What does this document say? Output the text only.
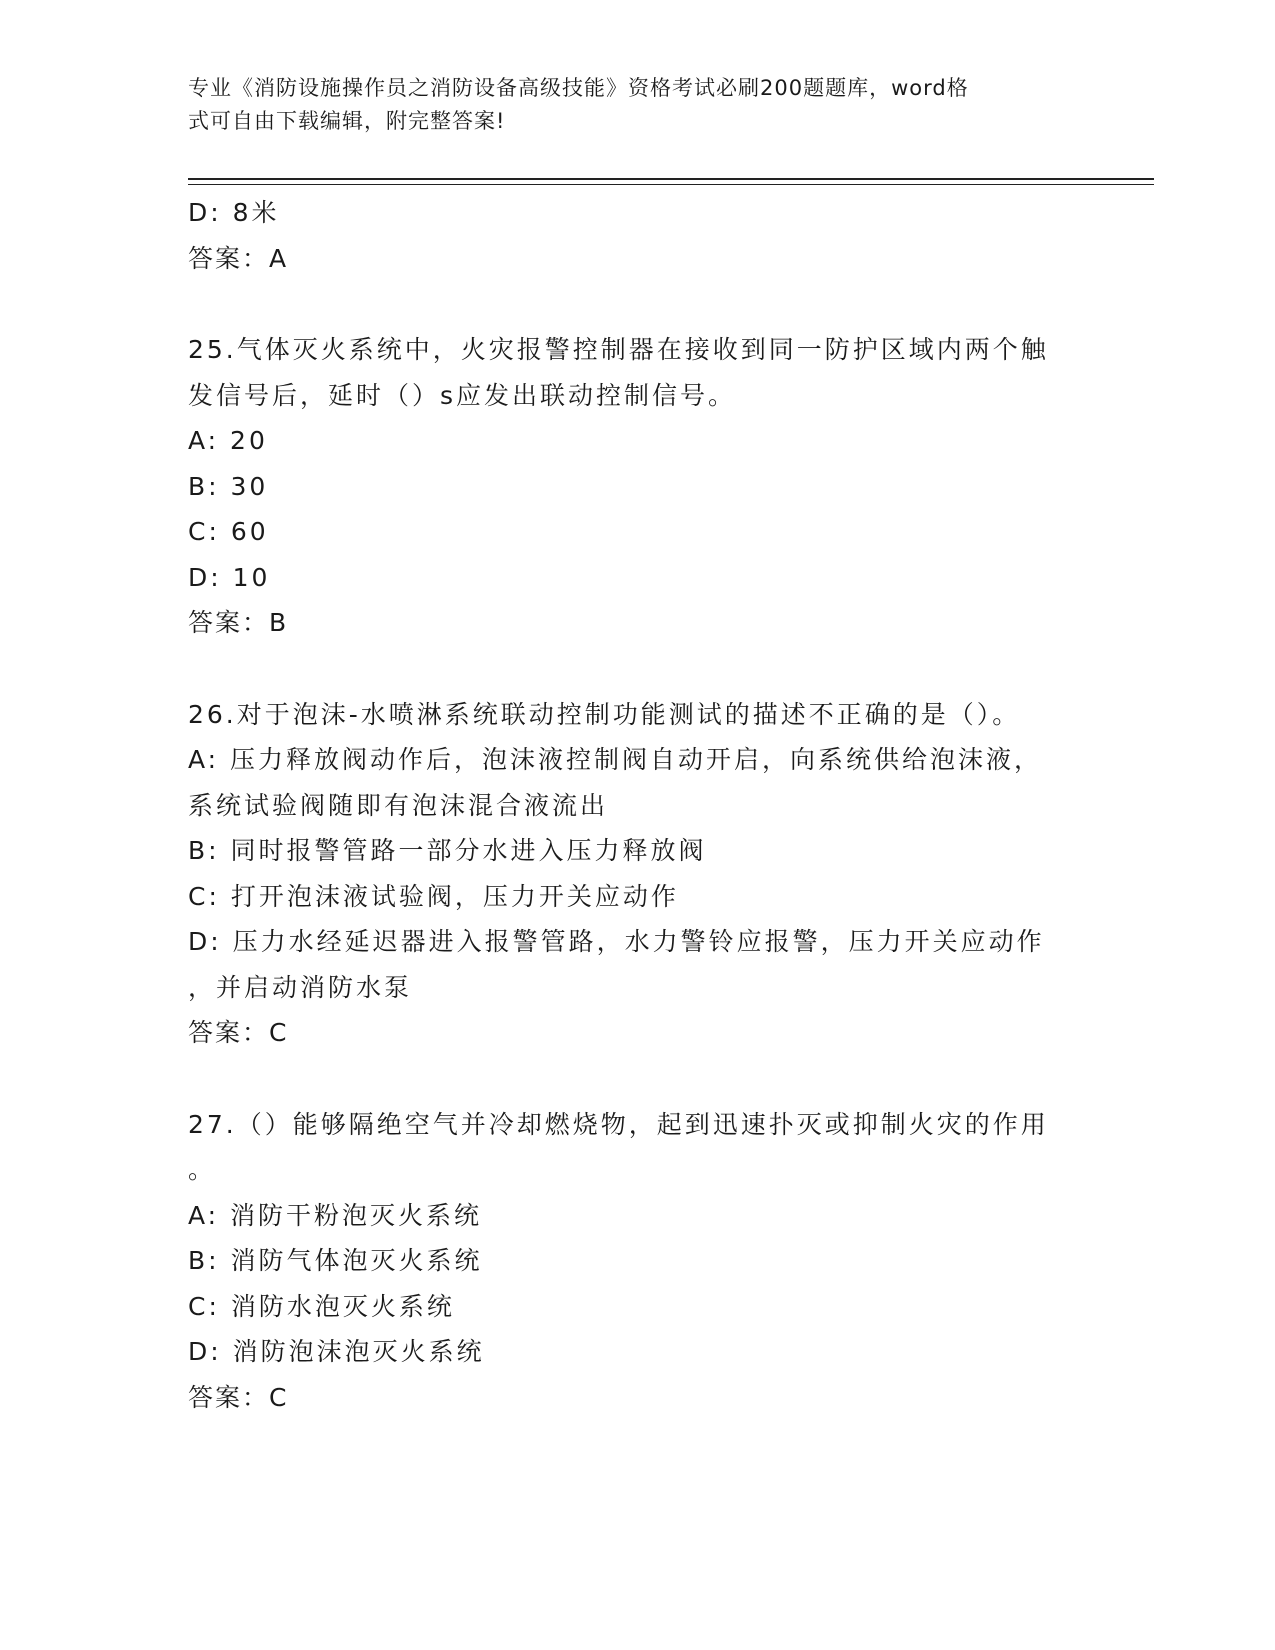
专业《消防设施操作员之消防设备高级技能》资格考试必刷200题题库，word格
式可自由下载编辑，附完整答案!
D: 8米
答案：A
25.气体灭火系统中，火灾报警控制器在接收到同一防护区域内两个触
发信号后，延时（）s应发出联动控制信号。
A: 20
B: 30
C: 60
D: 10
答案：B
26.对于泡沫-水喷淋系统联动控制功能测试的描述不正确的是（）。
A: 压力释放阀动作后，泡沫液控制阀自动开启，向系统供给泡沫液，
系统试验阀随即有泡沫混合液流出
B: 同时报警管路一部分水进入压力释放阀
C: 打开泡沫液试验阀，压力开关应动作
D: 压力水经延迟器进入报警管路，水力警铃应报警，压力开关应动作
，并启动消防水泵
答案：C
27.（）能够隔绝空气并冷却燃烧物，起到迅速扑灭或抑制火灾的作用
。
A: 消防干粉泡灭火系统
B: 消防气体泡灭火系统
C: 消防水泡灭火系统
D: 消防泡沫泡灭火系统
答案：C
